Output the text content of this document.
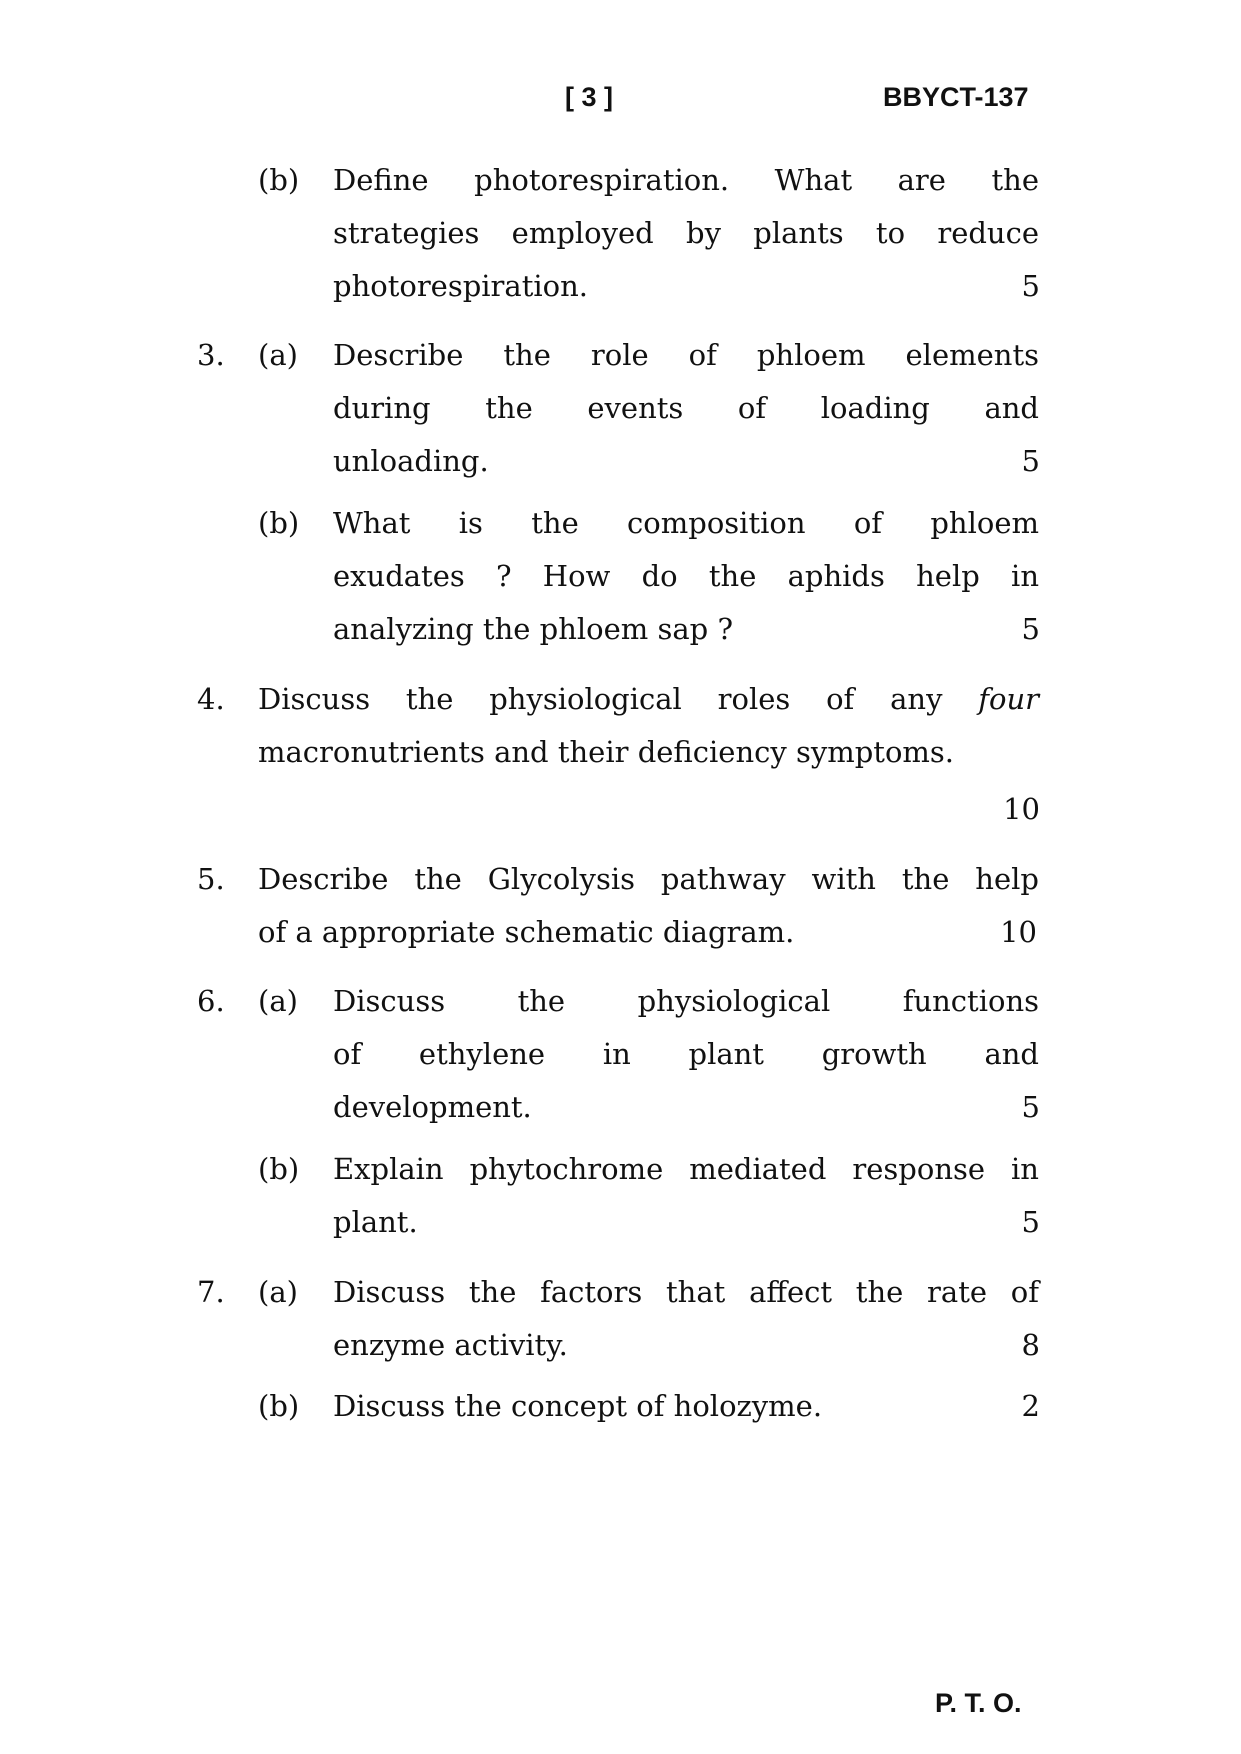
[ 3 ]	BBYCT-137
(b) Define photorespiration. What are the
strategies employed by plants to reduce
photorespiration.	5
3. (a) Describe the role of phloem elements
during the events of loading and
unloading.	5
(b) What is the composition of phloem
exudates ? How do the aphids help in
analyzing the phloem sap ?	5
4. Discuss the physiological roles of any four
macronutrients and their deficiency symptoms.
10
5. Describe the Glycolysis pathway with the help
of a appropriate schematic diagram.	10
6. (a) Discuss the physiological functions
of ethylene in plant growth and
development.	5
(b) Explain phytochrome mediated response in
plant.	5
7. (a) Discuss the factors that affect the rate of
enzyme activity.	8
(b) Discuss the concept of holozyme.	2
P. T. O.
